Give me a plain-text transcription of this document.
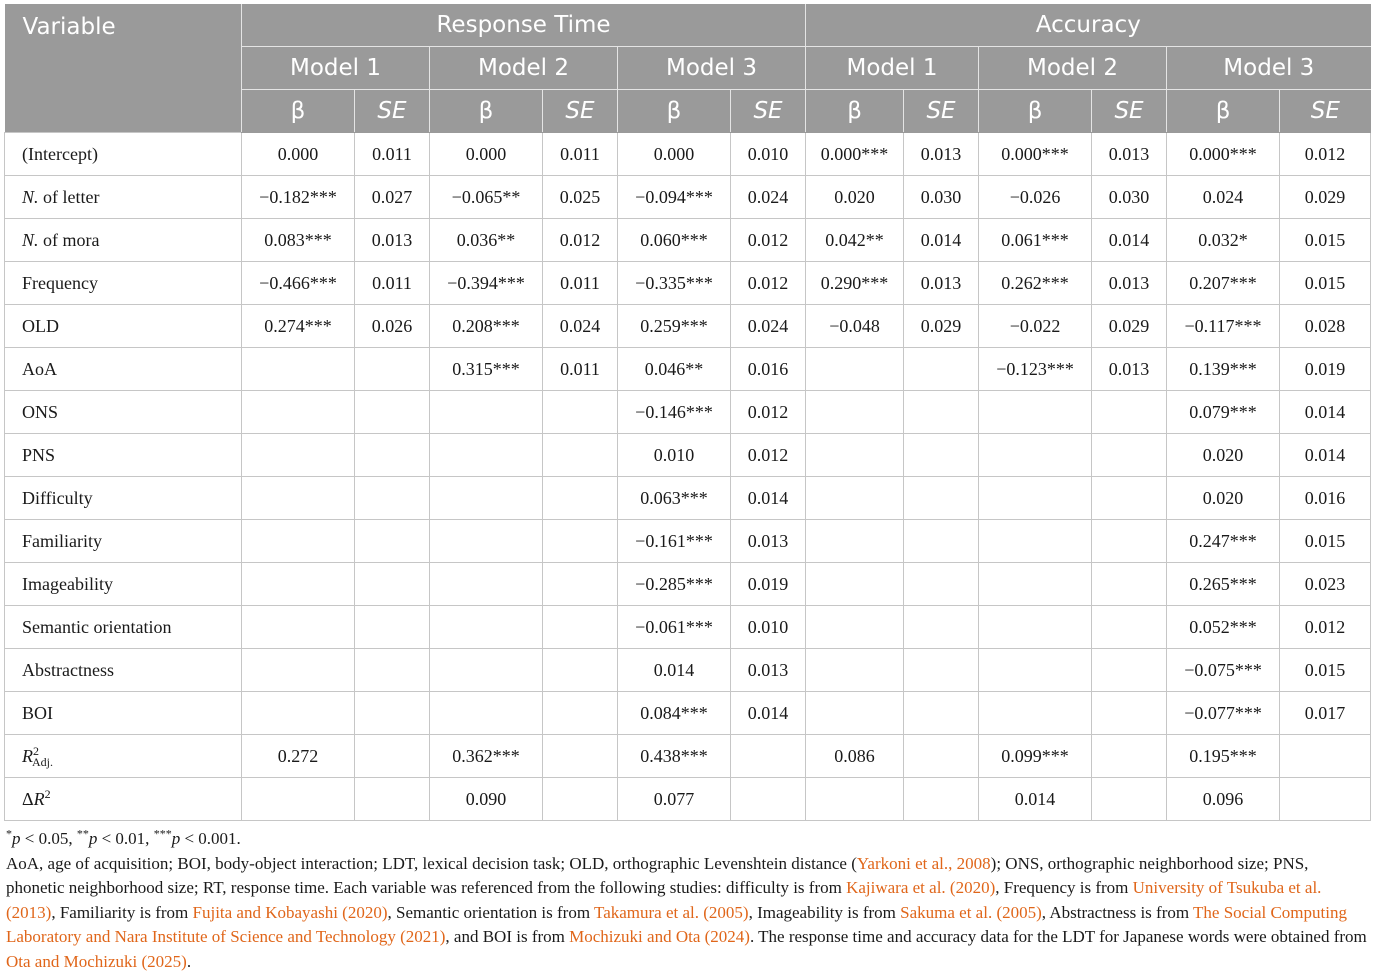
Variable	Response Time						Accuracy					
	Model 1		Model 2		Model 3		Model 1		Model 2		Model 3	
	β	SE	β	SE	β	SE	β	SE	β	SE	β	SE
(Intercept)	0.000	0.011	0.000	0.011	0.000	0.010	0.000***	0.013	0.000***	0.013	0.000***	0.012
N. of letter	−0.182***	0.027	−0.065**	0.025	−0.094***	0.024	0.020	0.030	−0.026	0.030	0.024	0.029
N. of mora	0.083***	0.013	0.036**	0.012	0.060***	0.012	0.042**	0.014	0.061***	0.014	0.032*	0.015
Frequency	−0.466***	0.011	−0.394***	0.011	−0.335***	0.012	0.290***	0.013	0.262***	0.013	0.207***	0.015
OLD	0.274***	0.026	0.208***	0.024	0.259***	0.024	−0.048	0.029	−0.022	0.029	−0.117***	0.028
AoA			0.315***	0.011	0.046**	0.016			−0.123***	0.013	0.139***	0.019
ONS					−0.146***	0.012					0.079***	0.014
PNS					0.010	0.012					0.020	0.014
Difficulty					0.063***	0.014					0.020	0.016
Familiarity					−0.161***	0.013					0.247***	0.015
Imageability					−0.285***	0.019					0.265***	0.023
Semantic orientation					−0.061***	0.010					0.052***	0.012
Abstractness					0.014	0.013					−0.075***	0.015
BOI					0.084***	0.014					−0.077***	0.017
$R^2_{Adj.}$	0.272		0.362***		0.438***		0.086		0.099***		0.195***	
$\Delta R^2$			0.090		0.077				0.014		0.096	

*p < 0.05, **p < 0.01, ***p < 0.001.

AoA, age of acquisition; BOI, body-object interaction; LDT, lexical decision task; OLD, orthographic Levenshtein distance (Yarkoni et al., 2008); ONS, orthographic neighborhood size; PNS, phonetic neighborhood size; RT, response time. Each variable was referenced from the following studies: difficulty is from Kajiwara et al. (2020), Frequency is from University of Tsukuba et al. (2013), Familiarity is from Fujita and Kobayashi (2020), Semantic orientation is from Takamura et al. (2005), Imageability is from Sakuma et al. (2005), Abstractness is from The Social Computing Laboratory and Nara Institute of Science and Technology (2021), and BOI is from Mochizuki and Ota (2024). The response time and accuracy data for the LDT for Japanese words were obtained from Ota and Mochizuki (2025).
